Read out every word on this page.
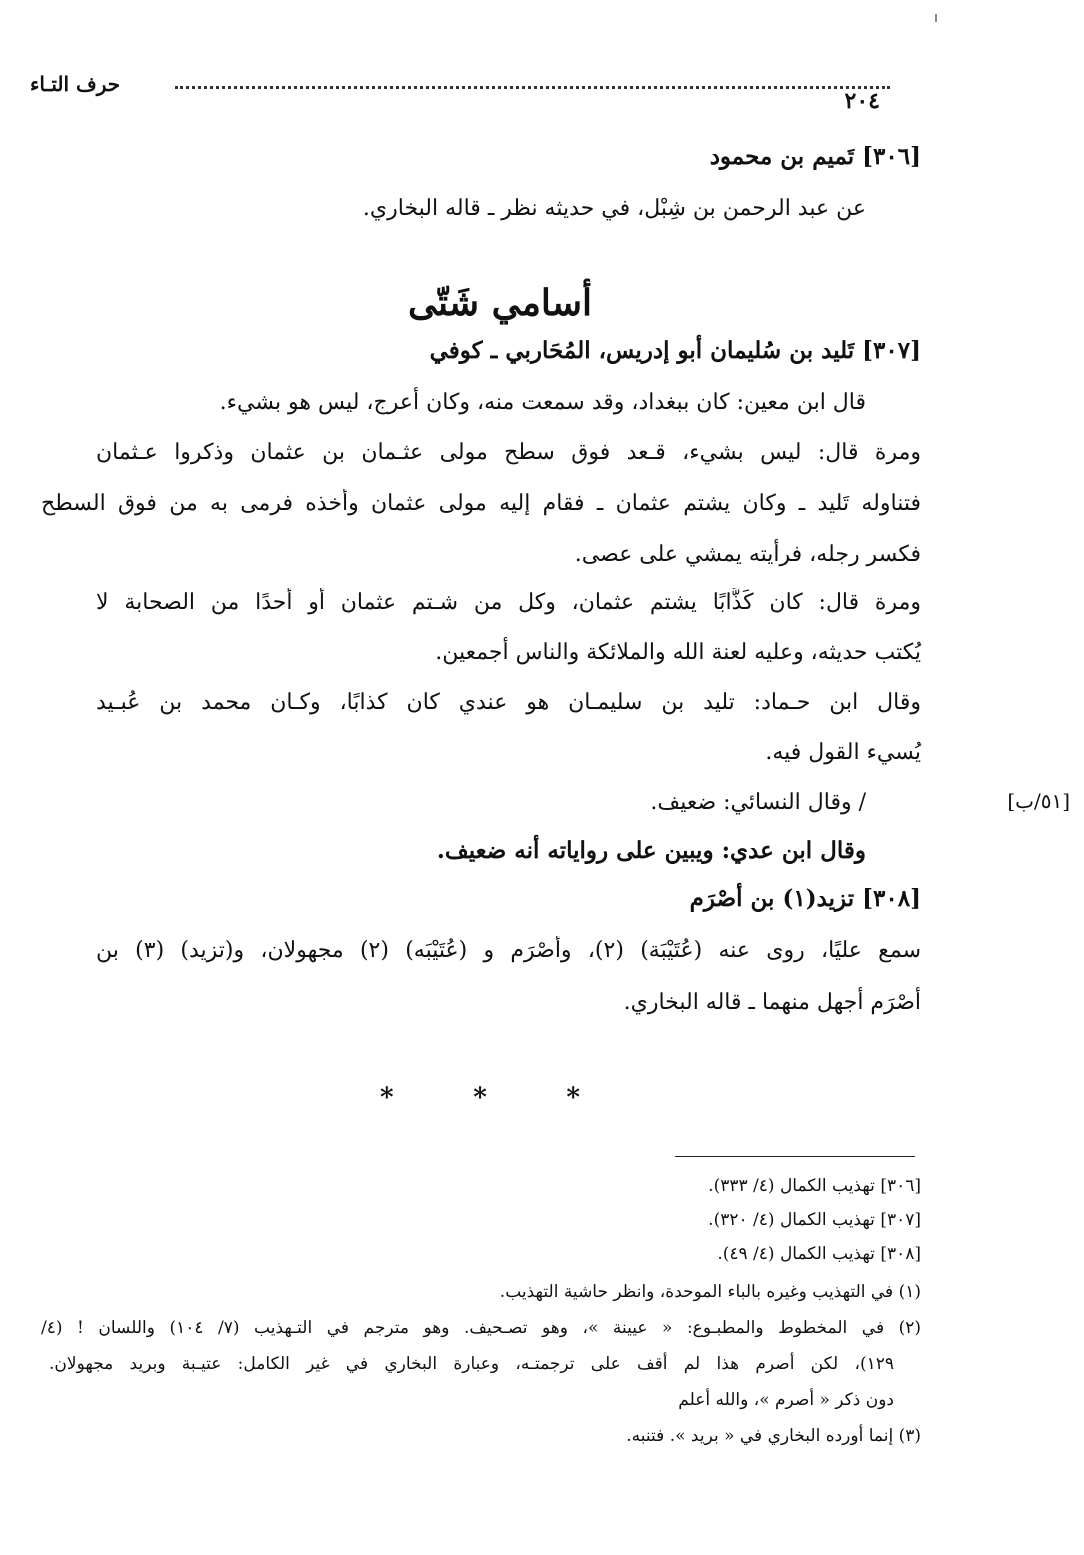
حرف التـاء
٢٠٤
[٣٠٦] تَميم بن محمود
عن عبد الرحمن بن شِبْل، في حديثه نظر ـ قاله البخاري.
أسامي شَتّى
[٣٠٧] تَليد بن سُليمان أبو إدريس، المُحَاربي ـ كوفي
قال ابن معين: كان ببغداد، وقد سمعت منه، وكان أعرج، ليس هو بشيء.
ومرة قال: ليس بشيء، قـعد فوق سطح مولى عثـمان بن عثمان وذكروا عـثمان
فتناوله تَليد ـ وكان يشتم عثمان ـ فقام إليه مولى عثمان وأخذه فرمى به من فوق السطح
فكسر رجله، فرأيته يمشي على عصى.
ومرة قال: كان كَذَّابًا يشتم عثمان، وكل من شـتم عثمان أو أحدًا من الصحابة لا
يُكتب حديثه، وعليه لعنة الله والملائكة والناس أجمعين.
وقال ابن حـماد: تليد بن سليمـان هو عندي كان كذابًا، وكـان محمد بن عُبـيد
يُسيء القول فيه.
/ وقال النسائي: ضعيف.	[٥١/ب]
وقال ابن عدي: ويبين على رواياته أنه ضعيف.
[٣٠٨] تزيد(١) بن أصْرَم
سمع عليًا، روى عنه (عُتَيْبَة) (٢)، وأصْرَم و (عُتَيْبَه) (٢) مجهولان، و(تزيد) (٣) بن
أصْرَم أجهل منهما ـ قاله البخاري.
*	*	*
[٣٠٦] تهذيب الكمال (٤/ ٣٣٣).
[٣٠٧] تهذيب الكمال (٤/ ٣٢٠).
[٣٠٨] تهذيب الكمال (٤/ ٤٩).
(١) في التهذيب وغيره بالباء الموحدة، وانظر حاشية التهذيب.
(٢) في المخطوط والمطبـوع: « عيينة »، وهو تصـحيف. وهو مترجم في التـهذيب (٧/ ١٠٤) واللسان ! (٤/
١٢٩)، لكن أصرم هذا لم أقف على ترجمتـه، وعبارة البخاري في غير الكامل: عتيـبة وبريد مجهولان.
دون ذكر « أصرم »، والله أعلم
(٣) إنما أورده البخاري في « بريد ». فتنبه.
